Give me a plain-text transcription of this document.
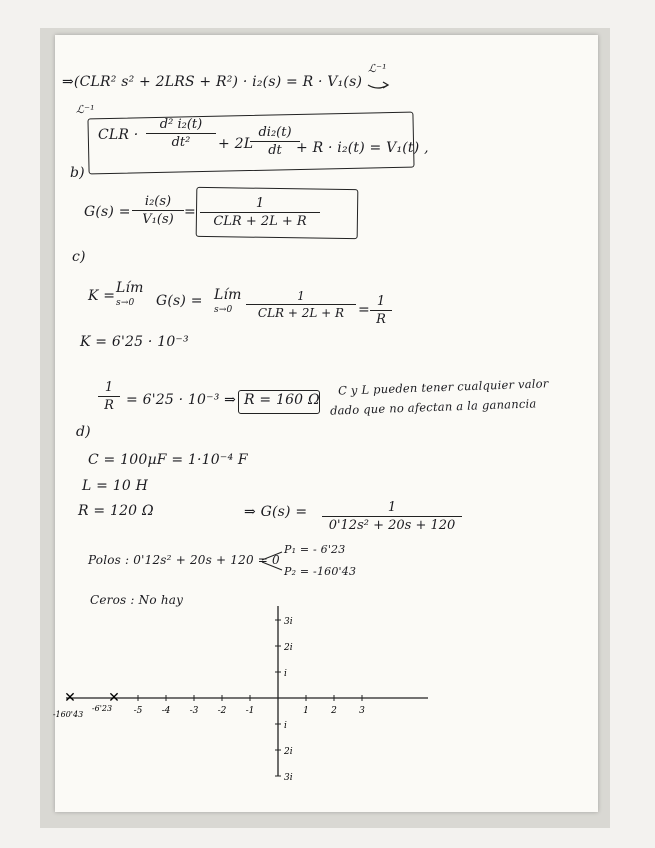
⇒(CLR² s² + 2LRS + R²) · i₂(s) = R · V₁(s)
ℒ⁻¹
ℒ⁻¹
CLR · $\frac{\text{d² i₂(t)}}{\text{dt²}} + 2L$
$\frac{\text{di₂(t)}}{dt}$
+ R · i₂(t) = V₁(t) ,
b)
$G(s) = \frac{\text{i₂(s)}}{\text{V₁(s)}}$ =
1
CLR + 2L + R
c)
K = Lím
s→0 G(s) = Lím
s→0
1
CLR + $2L + R = \frac{1}{R}$
K = 6'25 · 10⁻³
$\frac{1}{R} = 6'25 \cdot 10^{-3}$ ⇒ R = 160 Ω
C y L pueden tener cualquier valor
dado que no afectan a la ganancia
d)
C = 100µF = 1·10⁻⁴ F
L = 10 H
R = 120 Ω	⇒ $G(s) = \frac{1}{\text{0'12s² + 20s + 120}}$
Polos : 0'12s² + 20s + 120 = 0
P₁ = - 6'23
P₂ = -160'43
Ceros : No hay
-5 -4 -3 -2 -1	1 2 3
3i
2i
i
i
2i
3i
✕ ✕
-160'43
-6'23
